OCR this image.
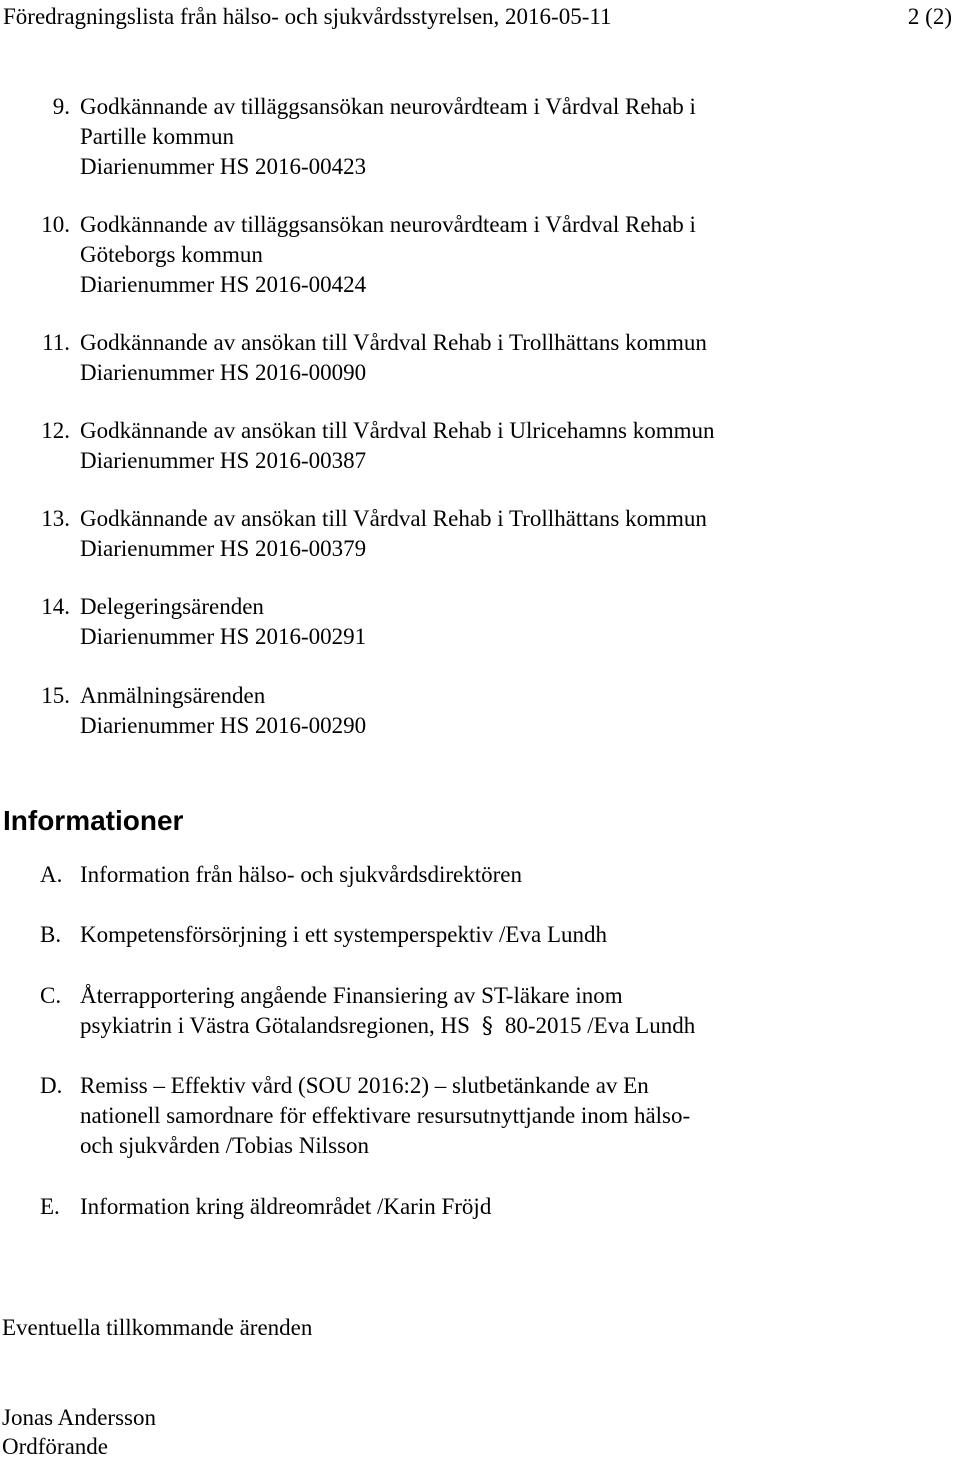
Föredragningslista från hälso- och sjukvårdsstyrelsen, 2016-05-11	2 (2)
9. Godkännande av tilläggsansökan neurovårdteam i Vårdval Rehab i
Partille kommun
Diarienummer HS 2016-00423
10. Godkännande av tilläggsansökan neurovårdteam i Vårdval Rehab i
Göteborgs kommun
Diarienummer HS 2016-00424
11. Godkännande av ansökan till Vårdval Rehab i Trollhättans kommun
Diarienummer HS 2016-00090
12. Godkännande av ansökan till Vårdval Rehab i Ulricehamns kommun
Diarienummer HS 2016-00387
13. Godkännande av ansökan till Vårdval Rehab i Trollhättans kommun
Diarienummer HS 2016-00379
14. Delegeringsärenden
Diarienummer HS 2016-00291
15. Anmälningsärenden
Diarienummer HS 2016-00290
Informationer
A. Information från hälso- och sjukvårdsdirektören
B. Kompetensförsörjning i ett systemperspektiv /Eva Lundh
C. Återrapportering angående Finansiering av ST-läkare inom
psykiatrin i Västra Götalandsregionen, HS § 80-2015 /Eva Lundh
D. Remiss – Effektiv vård (SOU 2016:2) – slutbetänkande av En
nationell samordnare för effektivare resursutnyttjande inom hälso-
och sjukvården /Tobias Nilsson
E. Information kring äldreområdet /Karin Fröjd
Eventuella tillkommande ärenden
Jonas Andersson
Ordförande
